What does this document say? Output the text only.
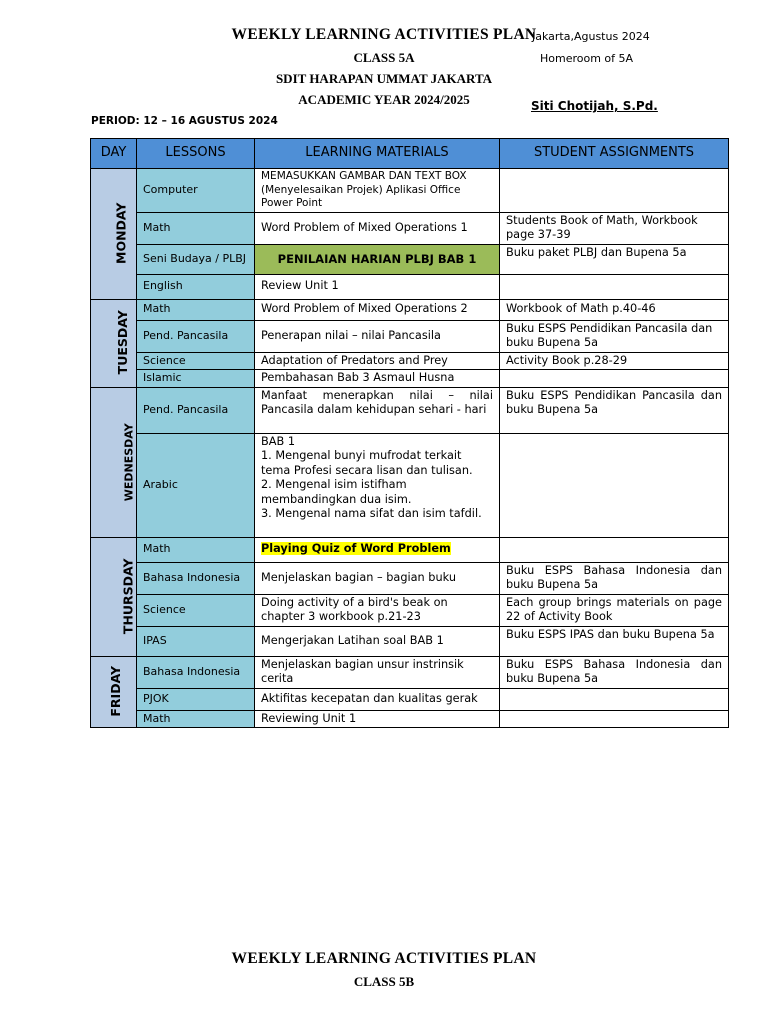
WEEKLY LEARNING ACTIVITIES PLAN
CLASS 5A
SDIT HARAPAN UMMAT JAKARTA
ACADEMIC YEAR 2024/2025
Jakarta,Agustus 2024
Homeroom of 5A
Siti Chotijah, S.Pd.
PERIOD: 12 – 16 AGUSTUS 2024
DAY	LESSONS	LEARNING MATERIALS	STUDENT ASSIGNMENTS
MONDAY	Computer	MEMASUKKAN GAMBAR DAN TEXT BOX (Menyelesaikan Projek) Aplikasi Office Power Point	
	Math	Word Problem of Mixed Operations 1	Students Book of Math, Workbook page 37-39
	Seni Budaya / PLBJ	PENILAIAN HARIAN PLBJ BAB 1	Buku paket PLBJ dan Bupena 5a
	English	Review Unit 1	
TUESDAY	Math	Word Problem of Mixed Operations 2	Workbook of Math p.40-46
	Pend. Pancasila	Penerapan nilai – nilai Pancasila	Buku ESPS Pendidikan Pancasila dan buku Bupena 5a
	Science	Adaptation of Predators and Prey	Activity Book p.28-29
	Islamic	Pembahasan Bab 3 Asmaul Husna	
WEDNESDAY	Pend. Pancasila	Manfaat menerapkan nilai – nilai Pancasila dalam kehidupan sehari - hari	Buku ESPS Pendidikan Pancasila dan buku Bupena 5a
	Arabic	BAB 1
1. Mengenal bunyi mufrodat terkait tema Profesi secara lisan dan tulisan.
2. Mengenal isim istifham membandingkan dua isim.
3. Mengenal nama sifat dan isim tafdil.	

THURSDAY	Math	Playing Quiz of Word Problem	
	Bahasa Indonesia	Menjelaskan bagian – bagian buku	Buku ESPS Bahasa Indonesia dan buku Bupena 5a
	Science	Doing activity of a bird's beak on chapter 3 workbook p.21-23	Each group brings materials on page 22 of Activity Book
	IPAS	Mengerjakan Latihan soal BAB 1	Buku ESPS IPAS dan buku Bupena 5a
FRIDAY	Bahasa Indonesia	Menjelaskan bagian unsur instrinsik cerita	Buku ESPS Bahasa Indonesia dan buku Bupena 5a
	PJOK	Aktifitas kecepatan dan kualitas gerak	
	Math	Reviewing Unit 1	
WEEKLY LEARNING ACTIVITIES PLAN
CLASS 5B
